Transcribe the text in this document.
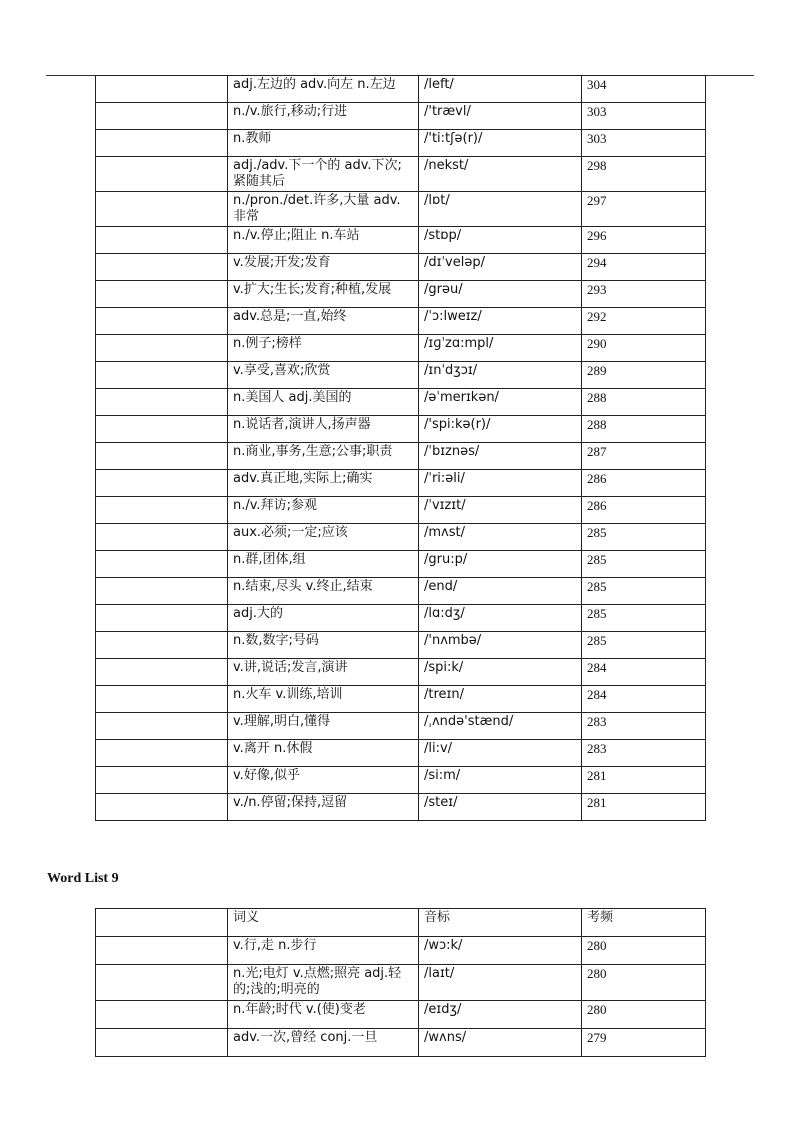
	adj.左边的 adv.向左 n.左边	/left/	304
	n./v.旅行,移动;行进	/'trævl/	303
	n.教师	/'ti:tʃə(r)/	303
	adj./adv.下一个的 adv.下次;紧随其后	/nekst/	298
	n./pron./det.许多,大量 adv.非常	/lɒt/	297
	n./v.停止;阻止 n.车站	/stɒp/	296
	v.发展;开发;发育	/dɪˈveləp/	294
	v.扩大;生长;发育;种植,发展	/grəu/	293
	adv.总是;一直,始终	/ˈɔ:lweɪz/	292
	n.例子;榜样	/ɪɡˈzɑ:mpl/	290
	v.享受,喜欢;欣赏	/ɪnˈdʒɔɪ/	289
	n.美国人 adj.美国的	/əˈmerɪkən/	288
	n.说话者,演讲人,扬声器	/'spi:kə(r)/	288
	n.商业,事务,生意;公事;职责	/ˈbɪznəs/	287
	adv.真正地,实际上;确实	/ˈri:əli/	286
	n./v.拜访;参观	/ˈvɪzɪt/	286
	aux.必须;一定;应该	/mʌst/	285
	n.群,团体,组	/gru:p/	285
	n.结束,尽头 v.终止,结束	/end/	285
	adj.大的	/lɑ:dʒ/	285
	n.数,数字;号码	/'nʌmbə/	285
	v.讲,说话;发言,演讲	/spi:k/	284
	n.火车 v.训练,培训	/treɪn/	284
	v.理解,明白,懂得	/ˌʌndə'stænd/	283
	v.离开 n.休假	/li:v/	283
	v.好像,似乎	/si:m/	281
	v./n.停留;保持,逗留	/steɪ/	281
Word List 9
	词义	音标	考频
	v.行,走 n.步行	/wɔ:k/	280
	n.光;电灯 v.点燃;照亮 adj.轻的;浅的;明亮的	/laɪt/	280
	n.年龄;时代 v.(使)变老	/eɪdʒ/	280
	adv.一次,曾经 conj.一旦	/wʌns/	279
